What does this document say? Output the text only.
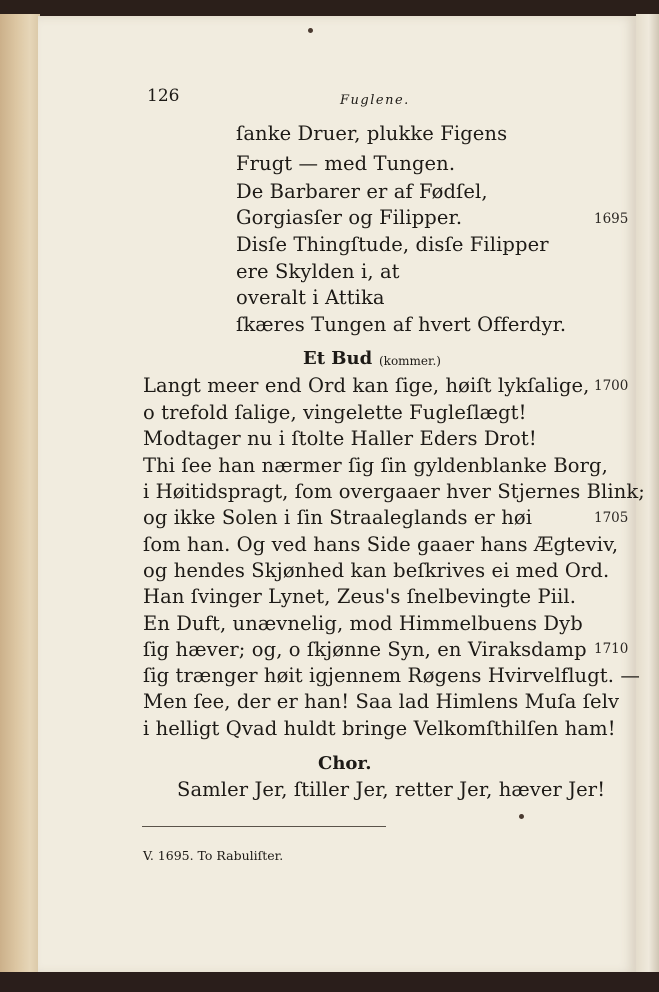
126	Fuglene.
ſanke Druer, plukke Figens
Frugt — med Tungen.
De Barbarer er af Fødſel,
Gorgiasſer og Filipper.	1695
Disſe Thingſtude, disſe Filipper
ere Skylden i, at
overalt i Attika
ſkæres Tungen af hvert Offerdyr.
Et Bud (kommer.)
Langt meer end Ord kan ſige, høiſt lykſalige, 1700
o trefold ſalige, vingelette Fugleſlægt!
Modtager nu i ſtolte Haller Eders Drot!
Thi ſee han nærmer ſig ſin gyldenblanke Borg,
i Høitidspragt, ſom overgaaer hver Stjernes Blink;
og ikke Solen i ſin Straaleglands er høi	1705
ſom han. Og ved hans Side gaaer hans Ægteviv,
og hendes Skjønhed kan beſkrives ei med Ord.
Han ſvinger Lynet, Zeus's ſnelbevingte Piil.
En Duft, unævnelig, mod Himmelbuens Dyb
ſig hæver; og, o ſkjønne Syn, en Viraksdamp 1710
ſig trænger høit igjennem Røgens Hvirvelflugt. —
Men ſee, der er han! Saa lad Himlens Muſa ſelv
i helligt Qvad huldt bringe Velkomſthilſen ham!
Chor.
Samler Jer, ſtiller Jer, retter Jer, hæver Jer!
V. 1695. To Rabuliſter.
